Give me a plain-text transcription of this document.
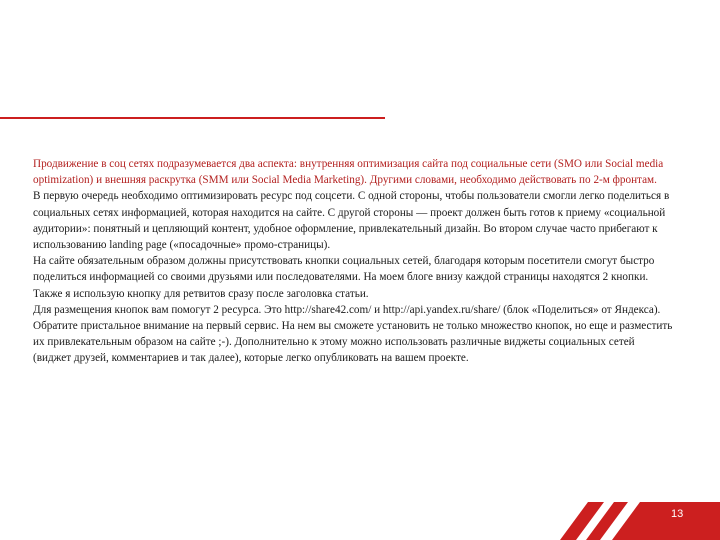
Продвижение в соц сетях подразумевается два аспекта: внутренняя оптимизация сайта под социальные сети (SMO или Social media optimization) и внешняя раскрутка (SMM или Social Media Marketing). Другими словами, необходимо действовать по 2-м фронтам.

В первую очередь необходимо оптимизировать ресурс под соцсети. С одной стороны, чтобы пользователи смогли легко поделиться в социальных сетях информацией, которая находится на сайте. С другой стороны — проект должен быть готов к приему «социальной аудитории»: понятный и цепляющий контент, удобное оформление, привлекательный дизайн. Во втором случае часто прибегают к использованию landing page («посадочные» промо-страницы).

На сайте обязательным образом должны присутствовать кнопки социальных сетей, благодаря которым посетители смогут быстро поделиться информацией со своими друзьями или последователями. На моем блоге внизу каждой страницы находятся 2 кнопки. Также я использую кнопку для ретвитов сразу после заголовка статьи.

Для размещения кнопок вам помогут 2 ресурса. Это http://share42.com/ и http://api.yandex.ru/share/ (блок «Поделиться» от Яндекса). Обратите пристальное внимание на первый сервис. На нем вы сможете установить не только множество кнопок, но еще и разместить их привлекательным образом на сайте ;-). Дополнительно к этому можно использовать различные виджеты социальных сетей (виджет друзей, комментариев и так далее), которые легко опубликовать на вашем проекте.

13
